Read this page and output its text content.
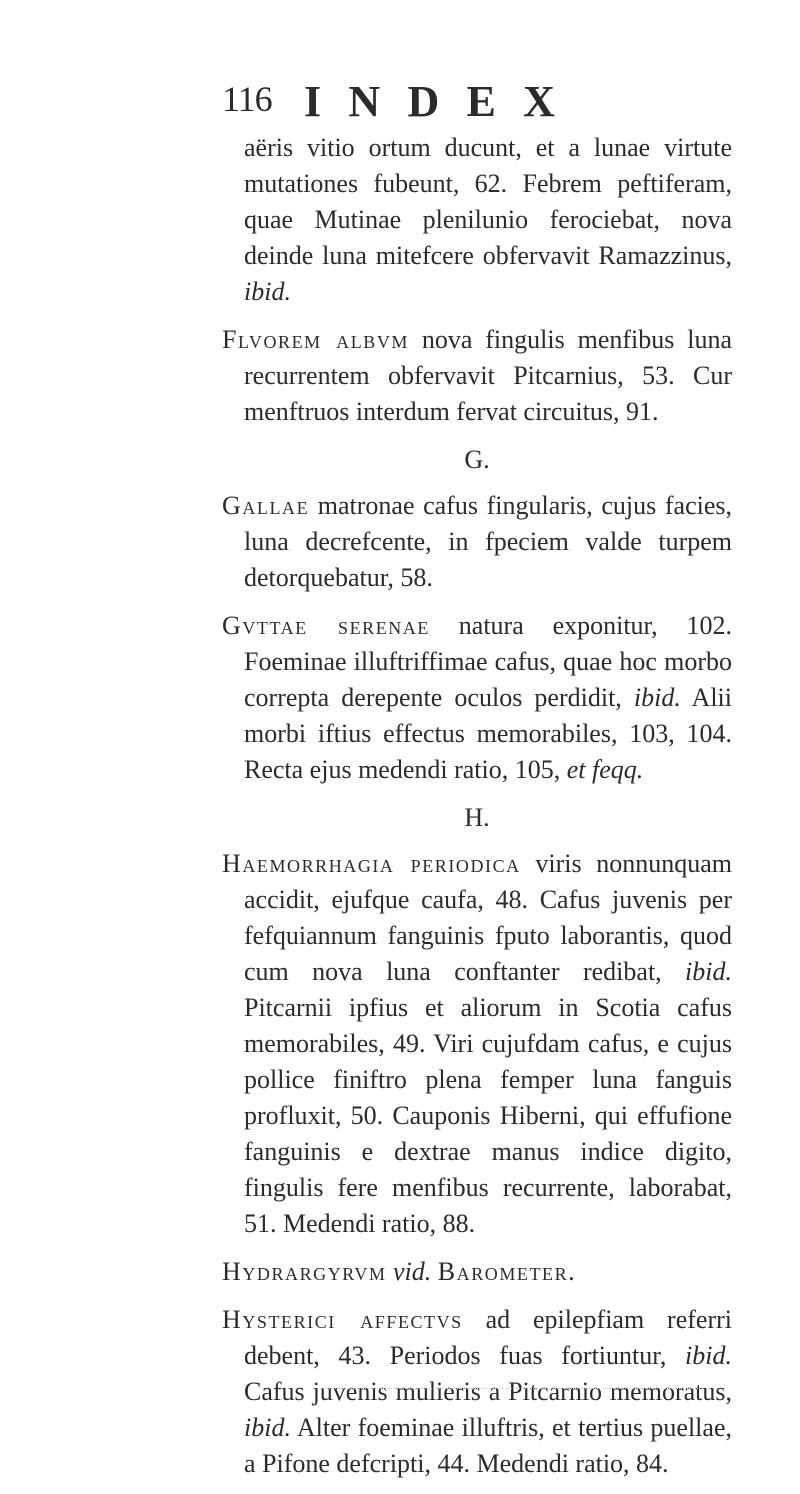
116 INDEX

aëris vitio ortum ducunt, et a lunae virtute mutationes fubeunt, 62. Febrem peftiferam, quae Mutinae plenilunio ferociebat, nova deinde luna mitefcere obfervavit Ramazzinus, ibid.

Flvorem albvm nova fingulis menfibus luna recurrentem obfervavit Pitcarnius, 53. Cur menftruos interdum fervat circuitus, 91.

G.

Gallae matronae cafus fingularis, cujus facies, luna decrefcente, in fpeciem valde turpem detorquebatur, 58.

Gvttae serenae natura exponitur, 102. Foeminae illuftriffimae cafus, quae hoc morbo correpta derepente oculos perdidit, ibid. Alii morbi iftius effectus memorabiles, 103, 104. Recta ejus medendi ratio, 105, et feqq.

H.

Haemorrhagia periodica viris nonnunquam accidit, ejufque caufa, 48. Cafus juvenis per fefquiannum fanguinis fputo laborantis, quod cum nova luna conftanter redibat, ibid. Pitcarnii ipfius et aliorum in Scotia cafus memorabiles, 49. Viri cujufdam cafus, e cujus pollice finiftro plena femper luna fanguis profluxit, 50. Cauponis Hiberni, qui effufione fanguinis e dextrae manus indice digito, fingulis fere menfibus recurrente, laborabat, 51. Medendi ratio, 88.

Hydrargyrvm vid. Barometer.

Hysterici affectvs ad epilepfiam referri debent, 43. Periodos fuas fortiuntur, ibid. Cafus juvenis mulieris a Pitcarnio memoratus, ibid. Alter foeminae illuftris, et tertius puellae, a Pifone defcripti, 44. Medendi ratio, 84.
